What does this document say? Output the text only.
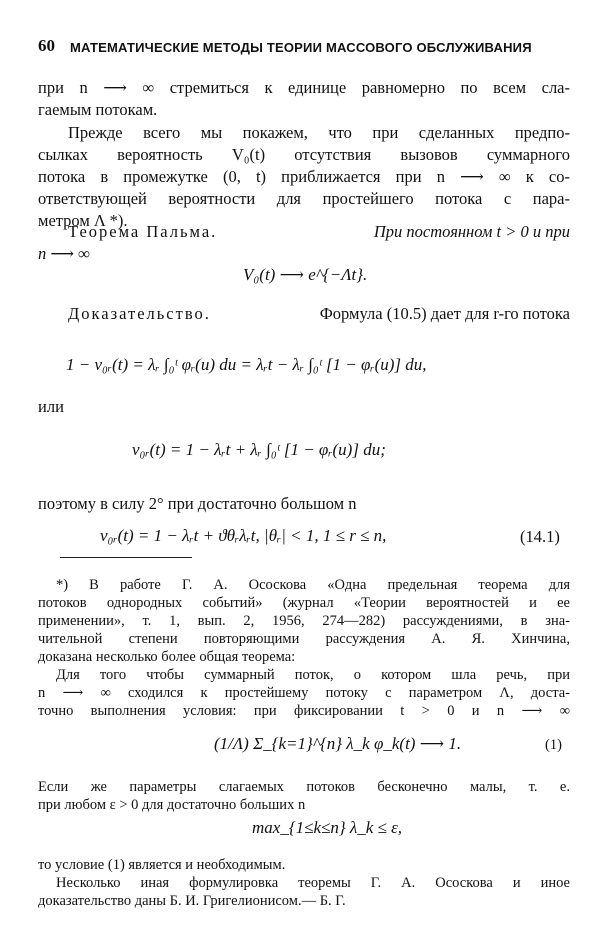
60 МАТЕМАТИЧЕСКИЕ МЕТОДЫ ТЕОРИИ МАССОВОГО ОБСЛУЖИВАНИЯ
при n ⟶ ∞ стремиться к единице равномерно по всем сла-
гаемым потокам.
Прежде всего мы покажем, что при сделанных предпо-
сылках вероятность V₀(t) отсутствия вызовов суммарного
потока в промежутке (0, t) приближается при n ⟶ ∞ к со-
ответствующей вероятности для простейшего потока с пара-
метром Λ *).
Теорема Пальма.	При постоянном t > 0 и при
n ⟶ ∞
V₀(t) ⟶ e^{−Λt}.
Доказательство.	Формула (10.5) дает для r-го потока
1 − v₀ᵣ(t) = λᵣ ∫₀ᵗ φᵣ(u) du = λᵣt − λᵣ ∫₀ᵗ [1 − φᵣ(u)] du,
или
v₀ᵣ(t) = 1 − λᵣt + λᵣ ∫₀ᵗ [1 − φᵣ(u)] du;
поэтому в силу 2° при достаточно большом n
v₀ᵣ(t) = 1 − λᵣt + ϑθᵣλᵣt, |θᵣ| < 1, 1 ≤ r ≤ n,	(14.1)
*) В работе Г. А. Ососкова «Одна предельная теорема для
потоков однородных событий» (журнал «Теории вероятностей и ее
применении», т. 1, вып. 2, 1956, 274—282) рассуждениями, в зна-
чительной степени повторяющими рассуждения А. Я. Хинчина,
доказана несколько более общая теорема:
Для того чтобы суммарный поток, о котором шла речь, при
n ⟶ ∞ сходился к простейшему потоку с параметром Λ, доста-
точно выполнения условия: при фиксировании t > 0 и n ⟶ ∞
(1/Λ) Σ_{k=1}^{n} λ_k φ_k(t) ⟶ 1.	(1)
Если же параметры слагаемых потоков бесконечно малы, т. е.
при любом ε > 0 для достаточно больших n
max_{1≤k≤n} λ_k ≤ ε,
то условие (1) является и необходимым.
Несколько иная формулировка теоремы Г. А. Ососкова и иное
доказательство даны Б. И. Григелионисом.— Б. Г.
